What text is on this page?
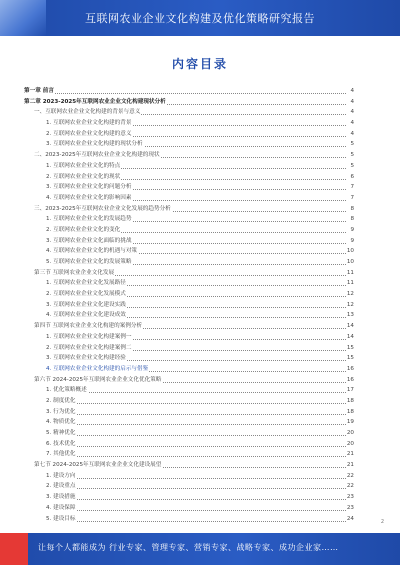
互联网农业企业文化构建及优化策略研究报告
内容目录
第一章 前言	4
第二章 2023-2025年互联网农业企业文化构建现状分析	4
一、互联网农业企业文化构建的背景与意义	4
1. 互联网农业企业文化构建的背景	4
2. 互联网农业企业文化构建的意义	4
3. 互联网农业企业文化构建的现状分析	5
二、2023-2025年互联网农业企业文化构建的现状	5
1. 互联网农业企业文化的特点	5
2. 互联网农业企业文化的现状	6
3. 互联网农业企业文化的问题分析	7
4. 互联网农业企业文化的影响因素	7
三、2023-2025年互联网农业企业文化发展的趋势分析	8
1. 互联网农业企业文化的发展趋势	8
2. 互联网农业企业文化的变化	9
3. 互联网农业企业文化面临的挑战	9
4. 互联网农业企业文化的机遇与对策	10
5. 互联网农业企业文化的发展策略	10
第三节 互联网农业企业文化发展	11
1. 互联网农业企业文化发展路径	11
2. 互联网农业企业文化发展模式	12
3. 互联网农业企业文化建设实践	12
4. 互联网农业企业文化建设成效	13
第四节 互联网农业企业文化构建的案例分析	14
1. 互联网农业企业文化构建案例一	14
2. 互联网农业企业文化构建案例二	15
3. 互联网农业企业文化构建经验	15
4. 互联网农业企业文化构建的启示与借鉴	16
第六节 2024-2025年互联网农业企业文化优化策略	16
1. 优化策略概述	17
2. 制度优化	18
3. 行为优化	18
4. 物质优化	19
5. 精神优化	20
6. 技术优化	20
7. 其他优化	21
第七节 2024-2025年互联网农业企业文化建设展望	21
1. 建设方向	22
2. 建设重点	22
3. 建设措施	23
4. 建设保障	23
5. 建设目标	24
2
让每个人都能成为 行业专家、管理专家、营销专家、战略专家、成功企业家……
